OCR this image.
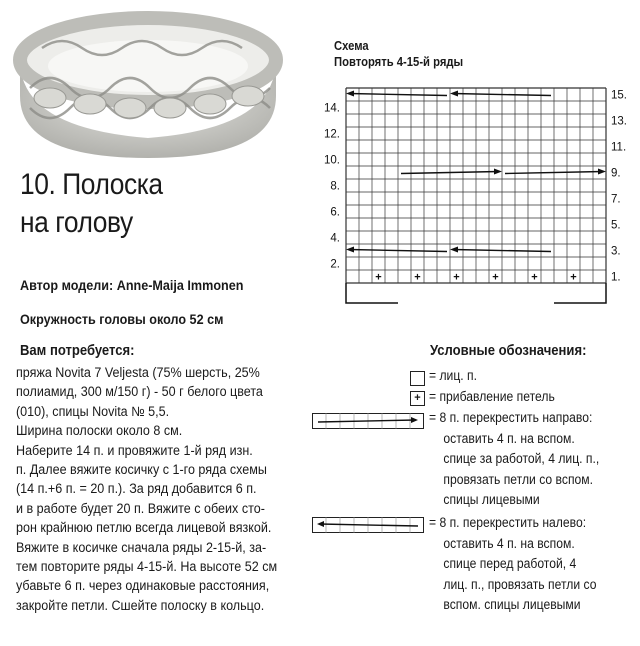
10. Полоска
на голову
Автор модели: Anne-Maija Immonen
Окружность головы около 52 см
Вам потребуется:
пряжа Novita 7 Veljesta (75% шерсть, 25%
полиамид, 300 м/150 г) - 50 г белого цвета
(010), спицы Novita № 5,5.
Ширина полоски около 8 см.
Наберите 14 п. и провяжите 1-й ряд изн.
п. Далее вяжите косичку с 1-го ряда схемы
(14 п.+6 п. = 20 п.). За ряд добавится 6 п.
и в работе будет 20 п. Вяжите с обеих сто-
рон крайнюю петлю всегда лицевой вязкой.
Вяжите в косичке сначала ряды 2-15-й, за-
тем повторите ряды 4-15-й. На высоте 52 см
убавьте 6 п. через одинаковые расстояния,
закройте петли. Сшейте полоску в кольцо.
Схема
Повторять 4-15-й ряды
14.
12.
10.
8.
6.
4.
2.
15.
13.
11.
9.
7.
5.
3.
1.
+	+	+	+	+	+
Условные обозначения:
= лиц. п.
+ = прибавление петель
= 8 п. перекрестить направо:
оставить 4 п. на вспом.
спице за работой, 4 лиц. п.,
провязать петли со вспом.
спицы лицевыми
= 8 п. перекрестить налево:
оставить 4 п. на вспом.
спице перед работой, 4
лиц. п., провязать петли со
вспом. спицы лицевыми
